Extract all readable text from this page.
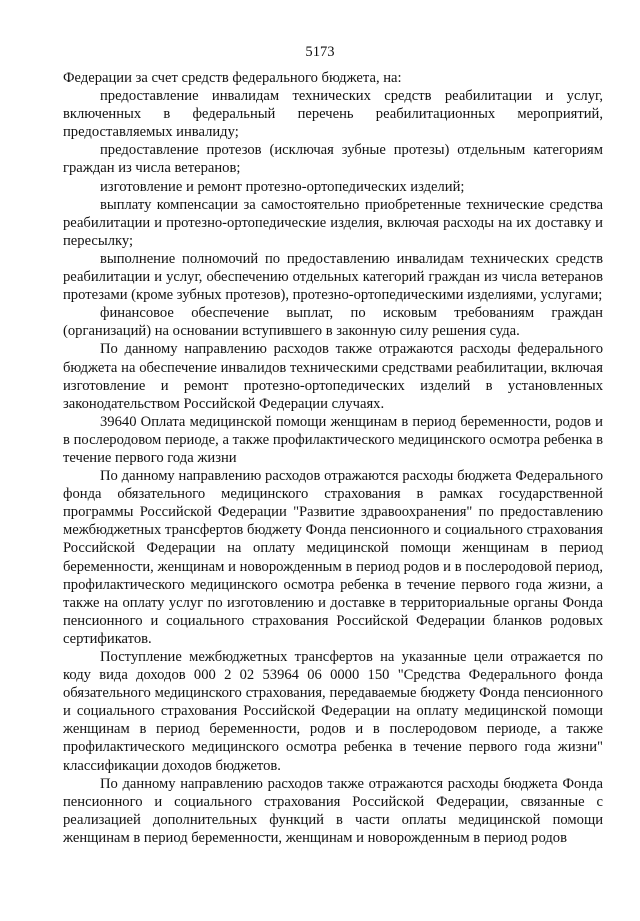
5173

Федерации за счет средств федерального бюджета, на:

предоставление инвалидам технических средств реабилитации и услуг, включенных в федеральный перечень реабилитационных мероприятий, предоставляемых инвалиду;

предоставление протезов (исключая зубные протезы) отдельным категориям граждан из числа ветеранов;

изготовление и ремонт протезно-ортопедических изделий;

выплату компенсации за самостоятельно приобретенные технические средства реабилитации и протезно-ортопедические изделия, включая расходы на их доставку и пересылку;

выполнение полномочий по предоставлению инвалидам технических средств реабилитации и услуг, обеспечению отдельных категорий граждан из числа ветеранов протезами (кроме зубных протезов), протезно-ортопедическими изделиями, услугами;

финансовое обеспечение выплат, по исковым требованиям граждан (организаций) на основании вступившего в законную силу решения суда.

По данному направлению расходов также отражаются расходы федерального бюджета на обеспечение инвалидов техническими средствами реабилитации, включая изготовление и ремонт протезно-ортопедических изделий в установленных законодательством Российской Федерации случаях.

39640 Оплата медицинской помощи женщинам в период беременности, родов и в послеродовом периоде, а также профилактического медицинского осмотра ребенка в течение первого года жизни

По данному направлению расходов отражаются расходы бюджета Федерального фонда обязательного медицинского страхования в рамках государственной программы Российской Федерации "Развитие здравоохранения" по предоставлению межбюджетных трансфертов бюджету Фонда пенсионного и социального страхования Российской Федерации на оплату медицинской помощи женщинам в период беременности, женщинам и новорожденным в период родов и в послеродовой период, профилактического медицинского осмотра ребенка в течение первого года жизни, а также на оплату услуг по изготовлению и доставке в территориальные органы Фонда пенсионного и социального страхования Российской Федерации бланков родовых сертификатов.

Поступление межбюджетных трансфертов на указанные цели отражается по коду вида доходов 000 2 02 53964 06 0000 150 "Средства Федерального фонда обязательного медицинского страхования, передаваемые бюджету Фонда пенсионного и социального страхования Российской Федерации на оплату медицинской помощи женщинам в период беременности, родов и в послеродовом периоде, а также профилактического медицинского осмотра ребенка в течение первого года жизни" классификации доходов бюджетов.

По данному направлению расходов также отражаются расходы бюджета Фонда пенсионного и социального страхования Российской Федерации, связанные с реализацией дополнительных функций в части оплаты медицинской помощи женщинам в период беременности, женщинам и новорожденным в период родов
